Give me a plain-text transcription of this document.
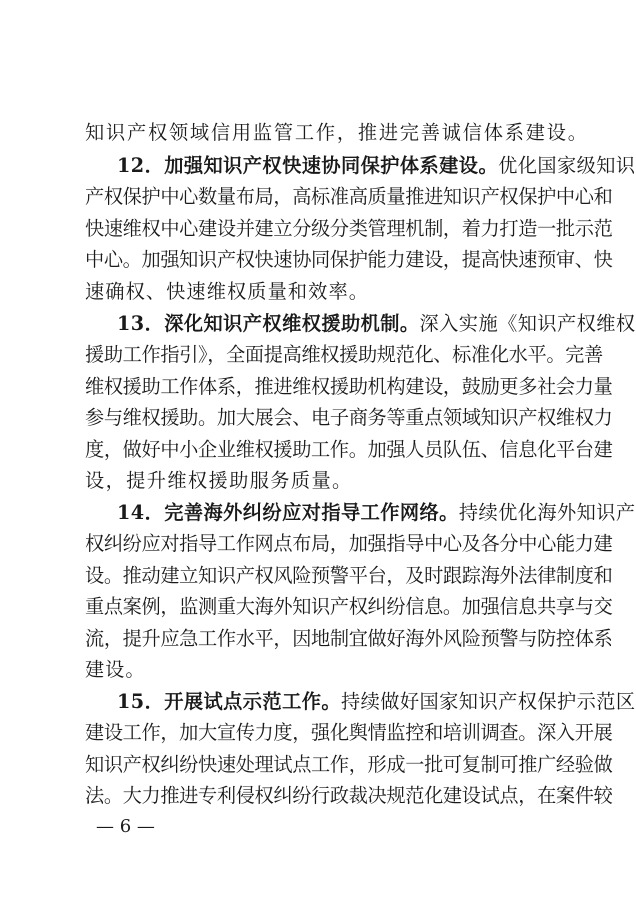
知识产权领域信用监管工作，推进完善诚信体系建设。
12．加强知识产权快速协同保护体系建设。优化国家级知识
产权保护中心数量布局，高标准高质量推进知识产权保护中心和
快速维权中心建设并建立分级分类管理机制，着力打造一批示范
中心。加强知识产权快速协同保护能力建设，提高快速预审、快
速确权、快速维权质量和效率。
13．深化知识产权维权援助机制。深入实施《知识产权维权
援助工作指引》，全面提高维权援助规范化、标准化水平。完善
维权援助工作体系，推进维权援助机构建设，鼓励更多社会力量
参与维权援助。加大展会、电子商务等重点领域知识产权维权力
度，做好中小企业维权援助工作。加强人员队伍、信息化平台建
设，提升维权援助服务质量。
14．完善海外纠纷应对指导工作网络。持续优化海外知识产
权纠纷应对指导工作网点布局，加强指导中心及各分中心能力建
设。推动建立知识产权风险预警平台，及时跟踪海外法律制度和
重点案例，监测重大海外知识产权纠纷信息。加强信息共享与交
流，提升应急工作水平，因地制宜做好海外风险预警与防控体系
建设。
15．开展试点示范工作。持续做好国家知识产权保护示范区
建设工作，加大宣传力度，强化舆情监控和培训调查。深入开展
知识产权纠纷快速处理试点工作，形成一批可复制可推广经验做
法。大力推进专利侵权纠纷行政裁决规范化建设试点，在案件较
— 6 —
